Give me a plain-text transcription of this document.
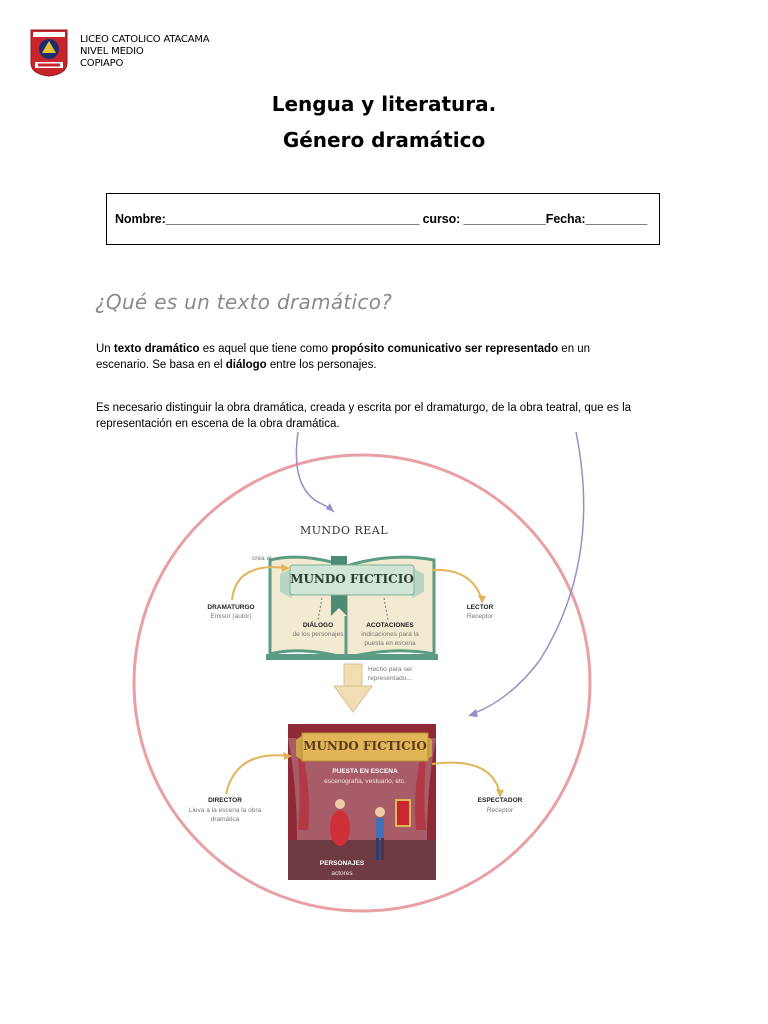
LICEO CATOLICO ATACAMA
NIVEL MEDIO
COPIAPO
Lengua y literatura.
Género dramático
Nombre:_____________________________________ curso: ____________Fecha:_________
¿Qué es un texto dramático?
Un texto dramático es aquel que tiene como propósito comunicativo ser representado en un escenario. Se basa en el diálogo entre los personajes.
Es necesario distinguir la obra dramática, creada y escrita por el dramaturgo, de la obra teatral, que es la representación en escena de la obra dramática.
MUNDO REAL
MUNDO FICTICIO
crea el
DRAMATURGO
Emisor (autor)
LECTOR
Receptor
DIÁLOGO
de los personajes
ACOTACIONES
indicaciones para la
puesta en escena
Hecho para ser
representado...
MUNDO FICTICIO
PUESTA EN ESCENA
escenografía, vestuario, etc.
DIRECTOR
Lleva a la escena la obra
dramática
ESPECTADOR
Receptor
PERSONAJES
actores
